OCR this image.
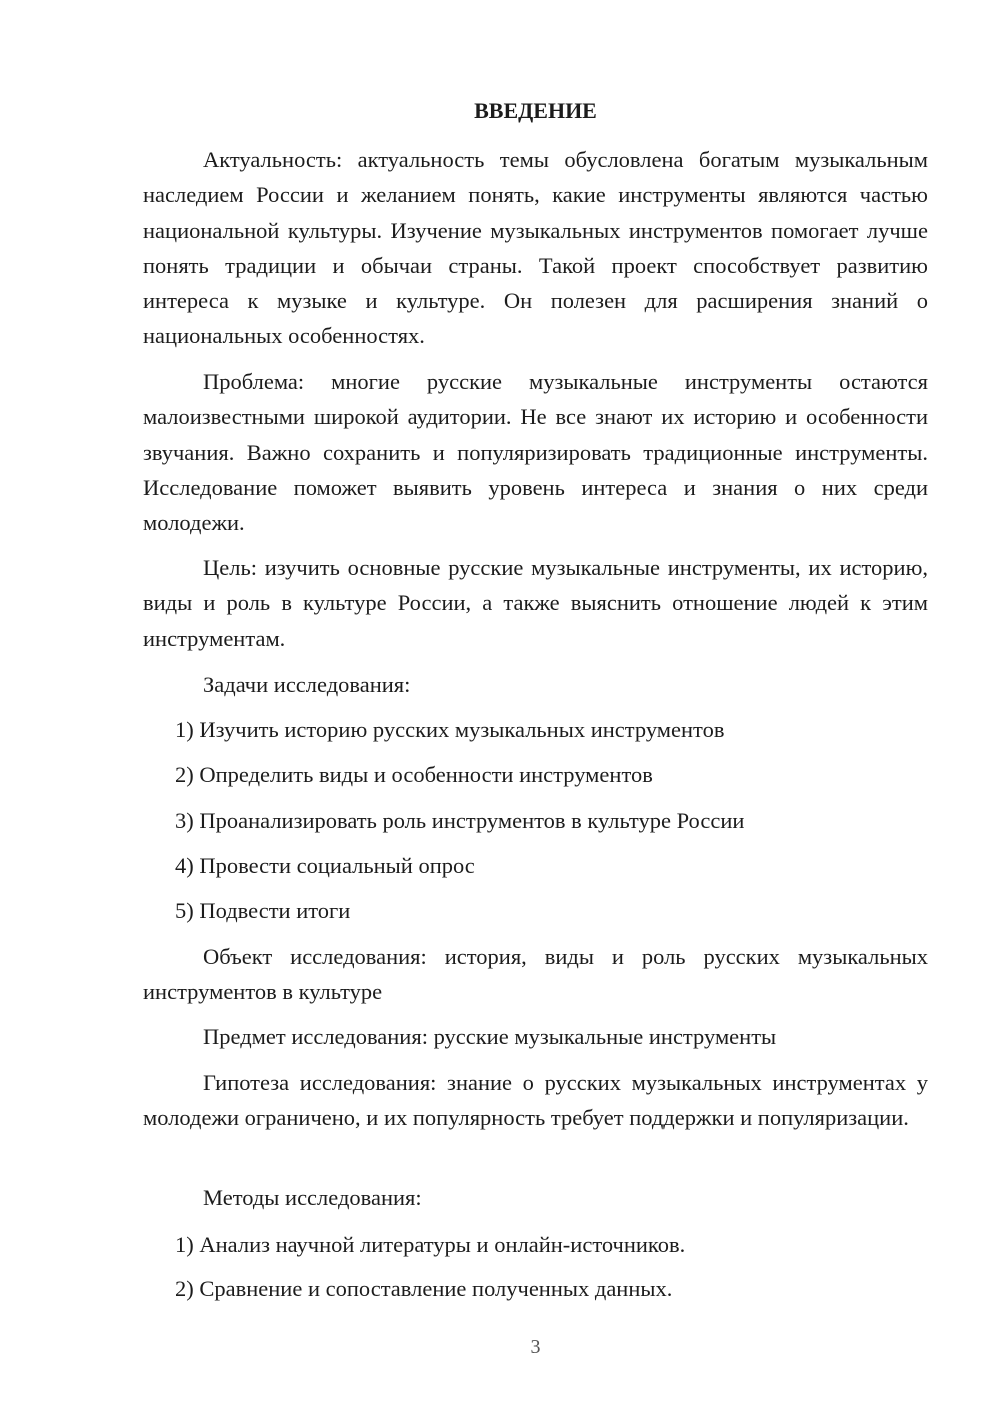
ВВЕДЕНИЕ

Актуальность: актуальность темы обусловлена богатым музыкальным наследием России и желанием понять, какие инструменты являются частью национальной культуры. Изучение музыкальных инструментов помогает лучше понять традиции и обычаи страны. Такой проект способствует развитию интереса к музыке и культуре. Он полезен для расширения знаний о национальных особенностях.

Проблема: многие русские музыкальные инструменты остаются малоизвестными широкой аудитории. Не все знают их историю и особенности звучания. Важно сохранить и популяризировать традиционные инструменты. Исследование поможет выявить уровень интереса и знания о них среди молодежи.

Цель: изучить основные русские музыкальные инструменты, их историю, виды и роль в культуре России, а также выяснить отношение людей к этим инструментам.

Задачи исследования:

1) Изучить историю русских музыкальных инструментов

2) Определить виды и особенности инструментов

3) Проанализировать роль инструментов в культуре России

4) Провести социальный опрос

5) Подвести итоги

Объект исследования: история, виды и роль русских музыкальных инструментов в культуре

Предмет исследования: русские музыкальные инструменты

Гипотеза исследования: знание о русских музыкальных инструментах у молодежи ограничено, и их популярность требует поддержки и популяризации.

Методы исследования:

1) Анализ научной литературы и онлайн-источников.

2) Сравнение и сопоставление полученных данных.

3
